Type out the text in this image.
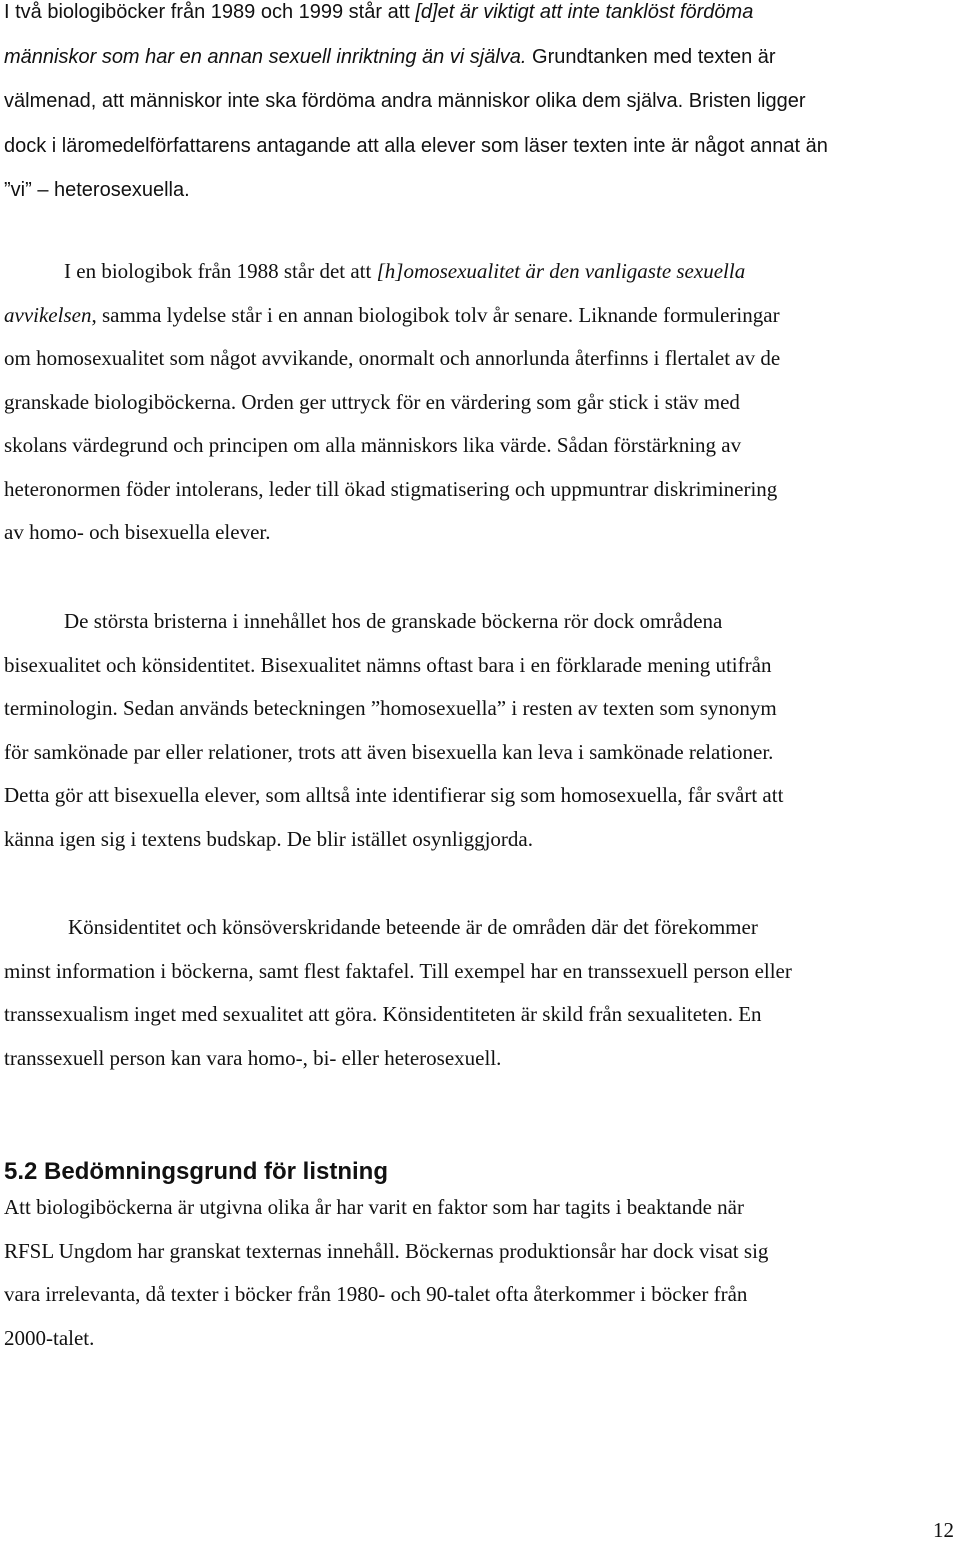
I två biologiböcker från 1989 och 1999 står att [d]et är viktigt att inte tanklöst fördöma
människor som har en annan sexuell inriktning än vi själva. Grundtanken med texten är
välmenad, att människor inte ska fördöma andra människor olika dem själva. Bristen ligger
dock i läromedelförfattarens antagande att alla elever som läser texten inte är något annat än
”vi” – heterosexuella.
I en biologibok från 1988 står det att [h]omosexualitet är den vanligaste sexuella
avvikelsen, samma lydelse står i en annan biologibok tolv år senare. Liknande formuleringar
om homosexualitet som något avvikande, onormalt och annorlunda återfinns i flertalet av de
granskade biologiböckerna. Orden ger uttryck för en värdering som går stick i stäv med
skolans värdegrund och principen om alla människors lika värde. Sådan förstärkning av
heteronormen föder intolerans, leder till ökad stigmatisering och uppmuntrar diskriminering
av homo- och bisexuella elever.
De största bristerna i innehållet hos de granskade böckerna rör dock områdena
bisexualitet och könsidentitet. Bisexualitet nämns oftast bara i en förklarade mening utifrån
terminologin. Sedan används beteckningen ”homosexuella” i resten av texten som synonym
för samkönade par eller relationer, trots att även bisexuella kan leva i samkönade relationer.
Detta gör att bisexuella elever, som alltså inte identifierar sig som homosexuella, får svårt att
känna igen sig i textens budskap. De blir istället osynliggjorda.
Könsidentitet och könsöverskridande beteende är de områden där det förekommer
minst information i böckerna, samt flest faktafel. Till exempel har en transsexuell person eller
transsexualism inget med sexualitet att göra. Könsidentiteten är skild från sexualiteten. En
transsexuell person kan vara homo-, bi- eller heterosexuell.
5.2 Bedömningsgrund för listning
Att biologiböckerna är utgivna olika år har varit en faktor som har tagits i beaktande när
RFSL Ungdom har granskat texternas innehåll. Böckernas produktionsår har dock visat sig
vara irrelevanta, då texter i böcker från 1980- och 90-talet ofta återkommer i böcker från
2000-talet.
12
